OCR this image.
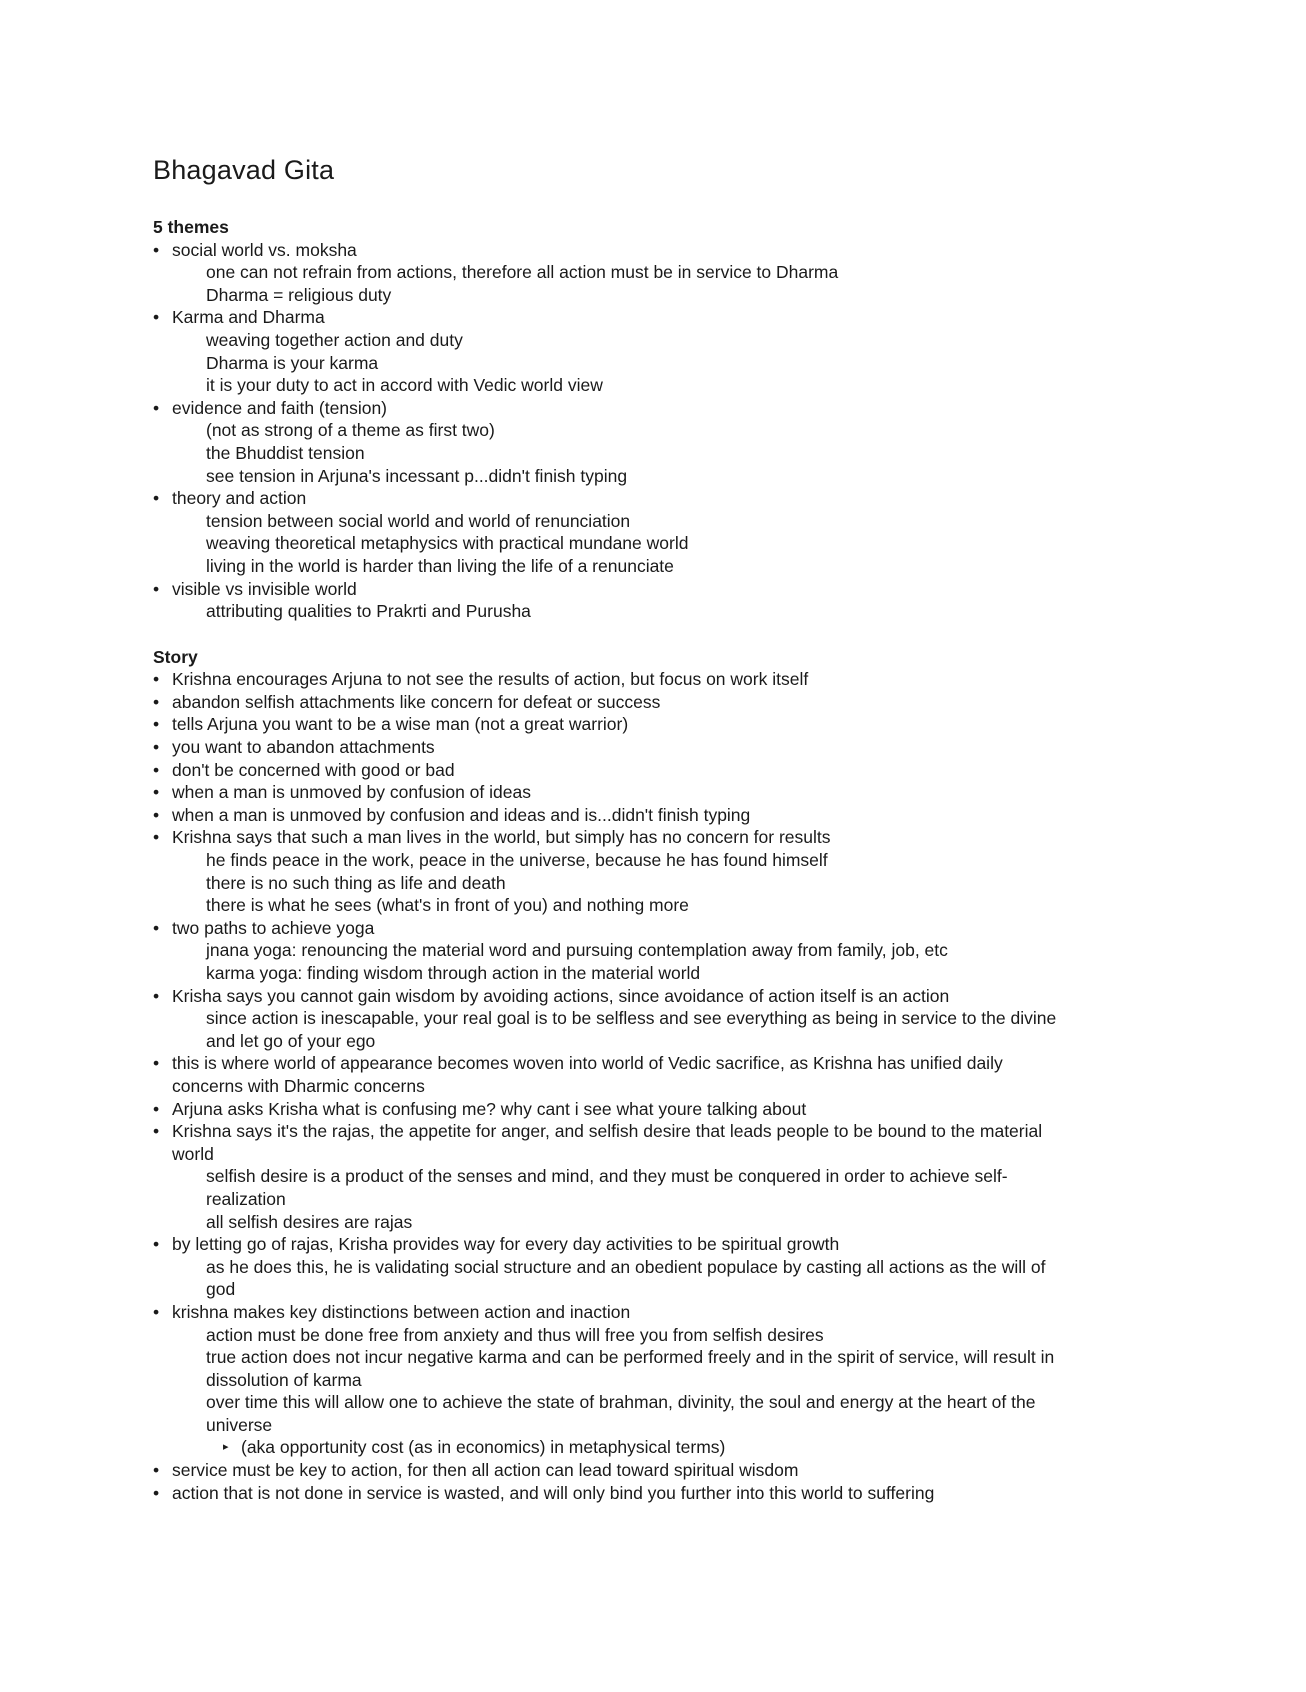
Bhagavad Gita
5 themes
• social world vs. moksha
one can not refrain from actions, therefore all action must be in service to Dharma
Dharma = religious duty
• Karma and Dharma
weaving together action and duty
Dharma is your karma
it is your duty to act in accord with Vedic world view
• evidence and faith (tension)
(not as strong of a theme as first two)
the Bhuddist tension
see tension in Arjuna's incessant p...didn't finish typing
• theory and action
tension between social world and world of renunciation
weaving theoretical metaphysics with practical mundane world
living in the world is harder than living the life of a renunciate
• visible vs invisible world
attributing qualities to Prakrti and Purusha
Story
• Krishna encourages Arjuna to not see the results of action, but focus on work itself
• abandon selfish attachments like concern for defeat or success
• tells Arjuna you want to be a wise man (not a great warrior)
• you want to abandon attachments
• don't be concerned with good or bad
• when a man is unmoved by confusion of ideas
• when a man is unmoved by confusion and ideas and is...didn't finish typing
• Krishna says that such a man lives in the world, but simply has no concern for results
he finds peace in the work, peace in the universe, because he has found himself
there is no such thing as life and death
there is what he sees (what's in front of you) and nothing more
• two paths to achieve yoga
jnana yoga: renouncing the material word and pursuing contemplation away from family, job, etc
karma yoga: finding wisdom through action in the material world
• Krisha says you cannot gain wisdom by avoiding actions, since avoidance of action itself is an action
since action is inescapable, your real goal is to be selfless and see everything as being in service to the divine
and let go of your ego
• this is where world of appearance becomes woven into world of Vedic sacrifice, as Krishna has unified daily
concerns with Dharmic concerns
• Arjuna asks Krisha what is confusing me? why cant i see what youre talking about
• Krishna says it's the rajas, the appetite for anger, and selfish desire that leads people to be bound to the material
world
selfish desire is a product of the senses and mind, and they must be conquered in order to achieve self-
realization
all selfish desires are rajas
• by letting go of rajas, Krisha provides way for every day activities to be spiritual growth
as he does this, he is validating social structure and an obedient populace by casting all actions as the will of
god
• krishna makes key distinctions between action and inaction
action must be done free from anxiety and thus will free you from selfish desires
true action does not incur negative karma and can be performed freely and in the spirit of service, will result in
dissolution of karma
over time this will allow one to achieve the state of brahman, divinity, the soul and energy at the heart of the
universe
▸ (aka opportunity cost (as in economics) in metaphysical terms)
• service must be key to action, for then all action can lead toward spiritual wisdom
• action that is not done in service is wasted, and will only bind you further into this world to suffering
